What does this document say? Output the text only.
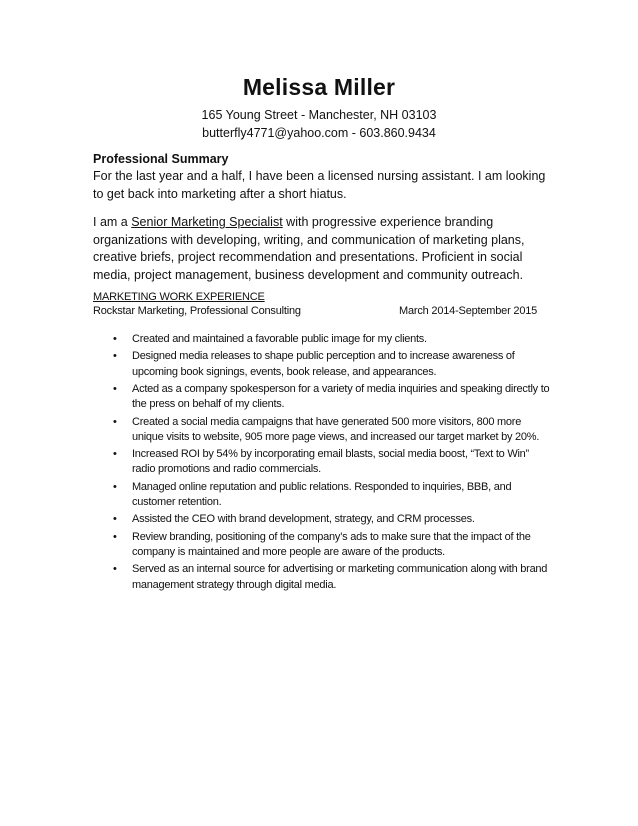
Melissa Miller
165 Young Street - Manchester, NH 03103
butterfly4771@yahoo.com - 603.860.9434
Professional Summary
For the last year and a half, I have been a licensed nursing assistant. I am looking to get back into marketing after a short hiatus.
I am a Senior Marketing Specialist with progressive experience branding organizations with developing, writing, and communication of marketing plans, creative briefs, project recommendation and presentations. Proficient in social media, project management, business development and community outreach.
MARKETING WORK EXPERIENCE
Rockstar Marketing, Professional Consulting	March 2014-September 2015
• Created and maintained a favorable public image for my clients.
• Designed media releases to shape public perception and to increase awareness of upcoming book signings, events, book release, and appearances.
• Acted as a company spokesperson for a variety of media inquiries and speaking directly to the press on behalf of my clients.
• Created a social media campaigns that have generated 500 more visitors, 800 more unique visits to website, 905 more page views, and increased our target market by 20%.
• Increased ROI by 54% by incorporating email blasts, social media boost, “Text to Win” radio promotions and radio commercials.
• Managed online reputation and public relations. Responded to inquiries, BBB, and customer retention.
• Assisted the CEO with brand development, strategy, and CRM processes.
• Review branding, positioning of the company’s ads to make sure that the impact of the company is maintained and more people are aware of the products.
• Served as an internal source for advertising or marketing communication along with brand management strategy through digital media.
